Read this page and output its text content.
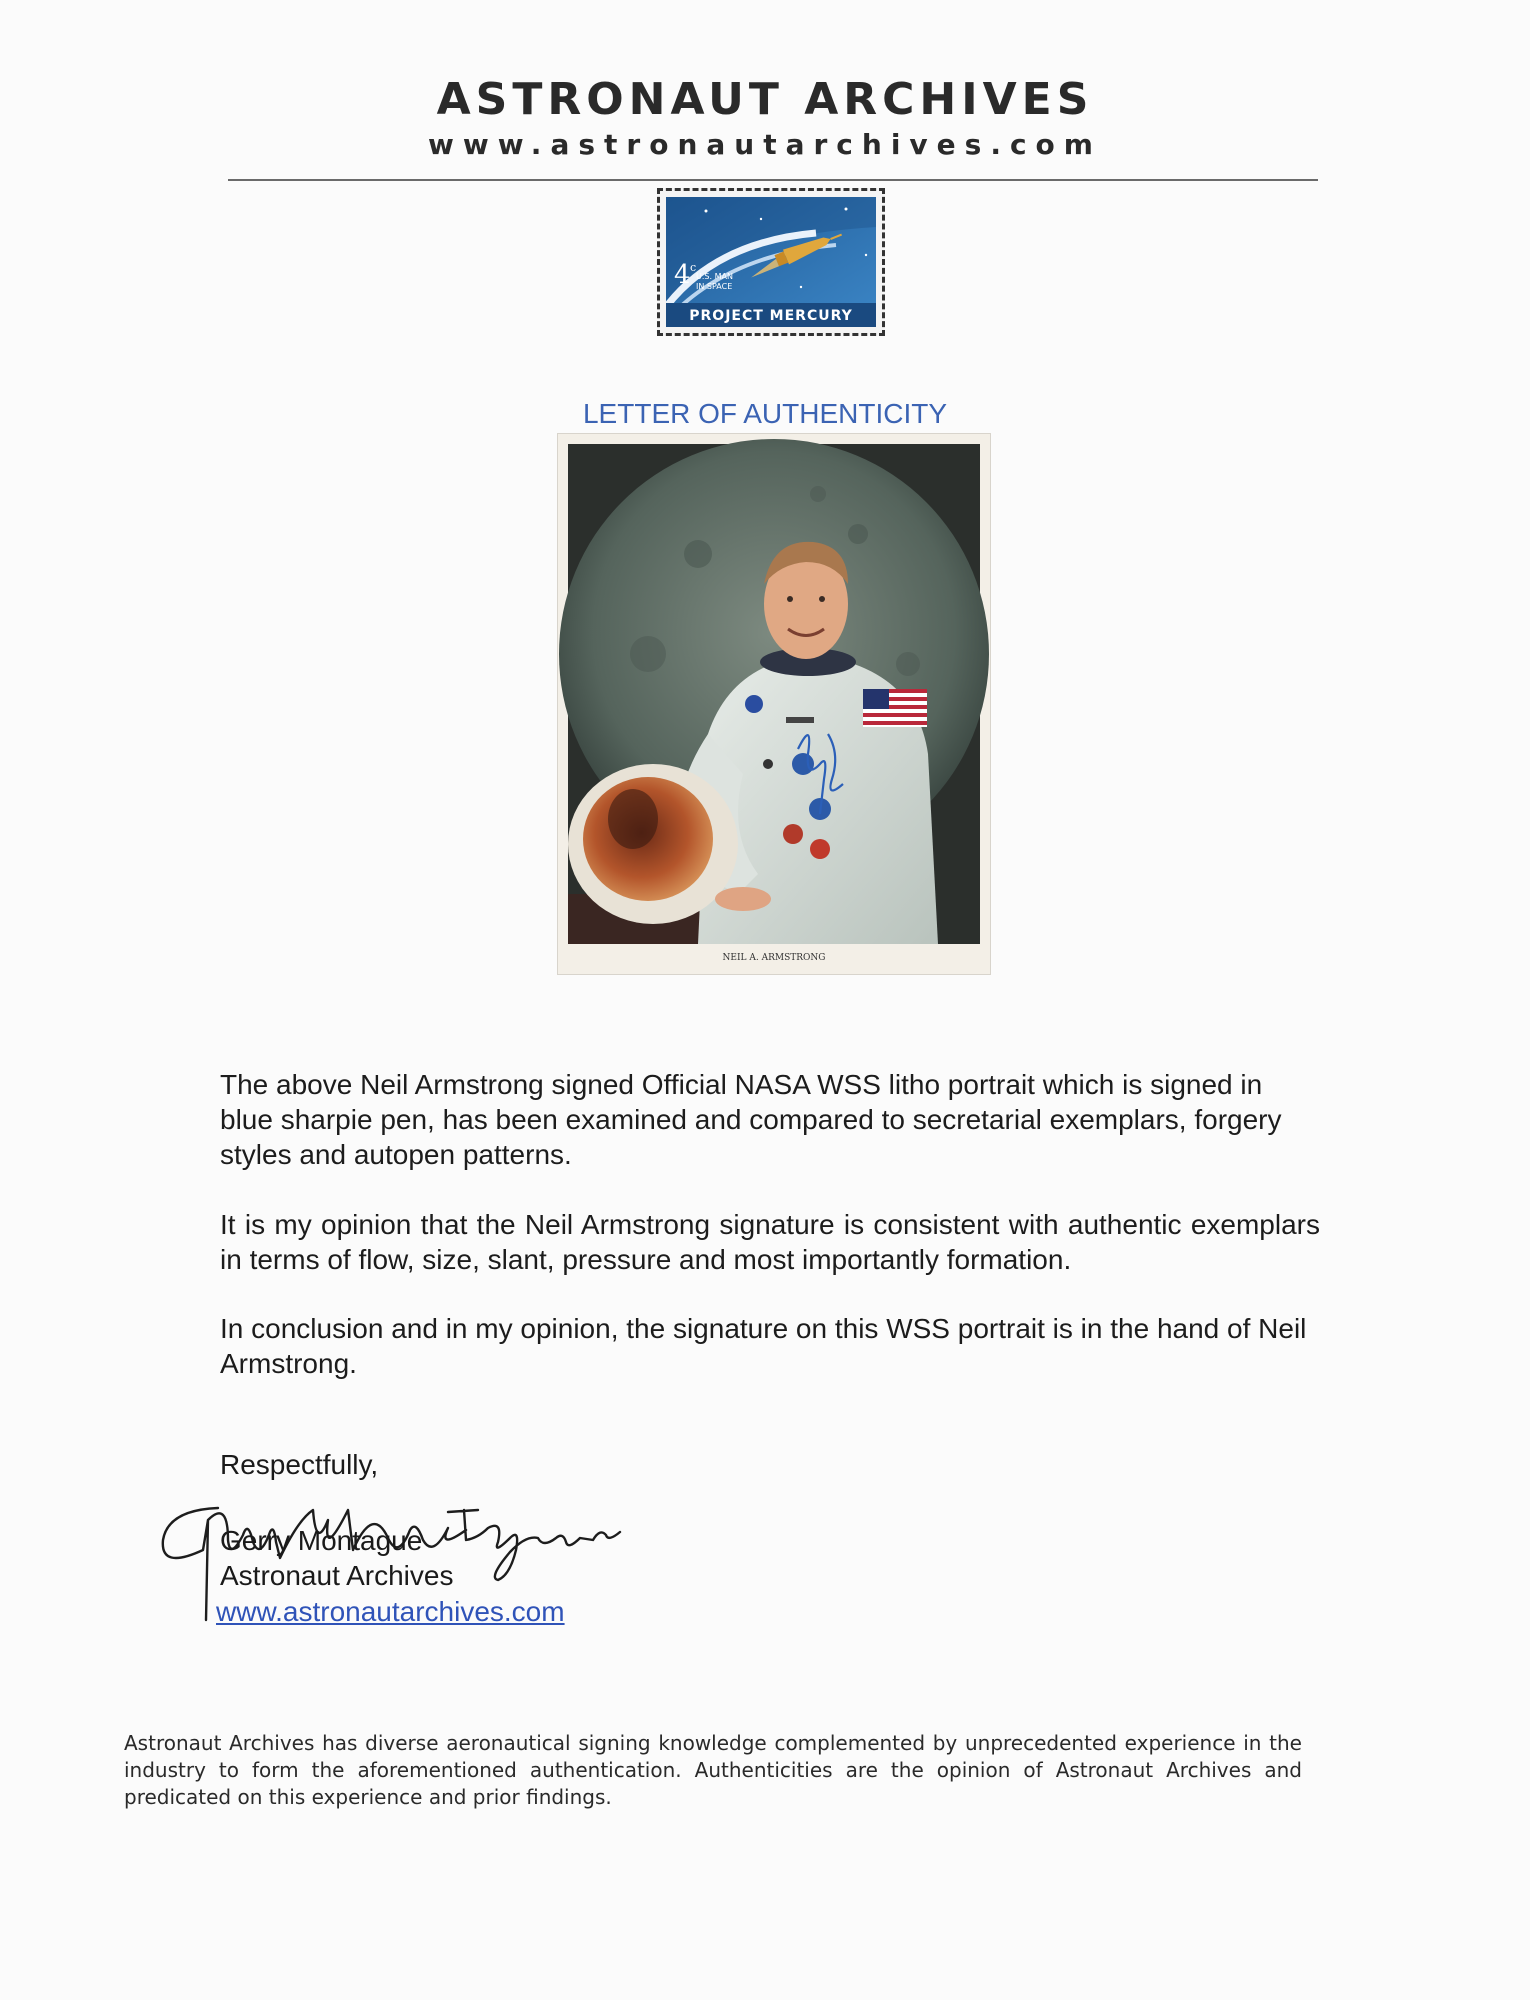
ASTRONAUT ARCHIVES
www.astronautarchives.com
4 c
U.S. MAN
IN SPACE
PROJECT MERCURY
LETTER OF AUTHENTICITY
NEIL A. ARMSTRONG
The above Neil Armstrong signed Official NASA WSS litho portrait which is signed in blue sharpie pen, has been examined and compared to secretarial exemplars, forgery styles and autopen patterns.
It is my opinion that the Neil Armstrong signature is consistent with authentic exemplars in terms of flow, size, slant, pressure and most importantly formation.
In conclusion and in my opinion, the signature on this WSS portrait is in the hand of Neil Armstrong.
Respectfully,
Gerry Montague
Astronaut Archives
www.astronautarchives.com
Astronaut Archives has diverse aeronautical signing knowledge complemented by unprecedented experience in the industry to form the aforementioned authentication. Authenticities are the opinion of Astronaut Archives and predicated on this experience and prior findings.
